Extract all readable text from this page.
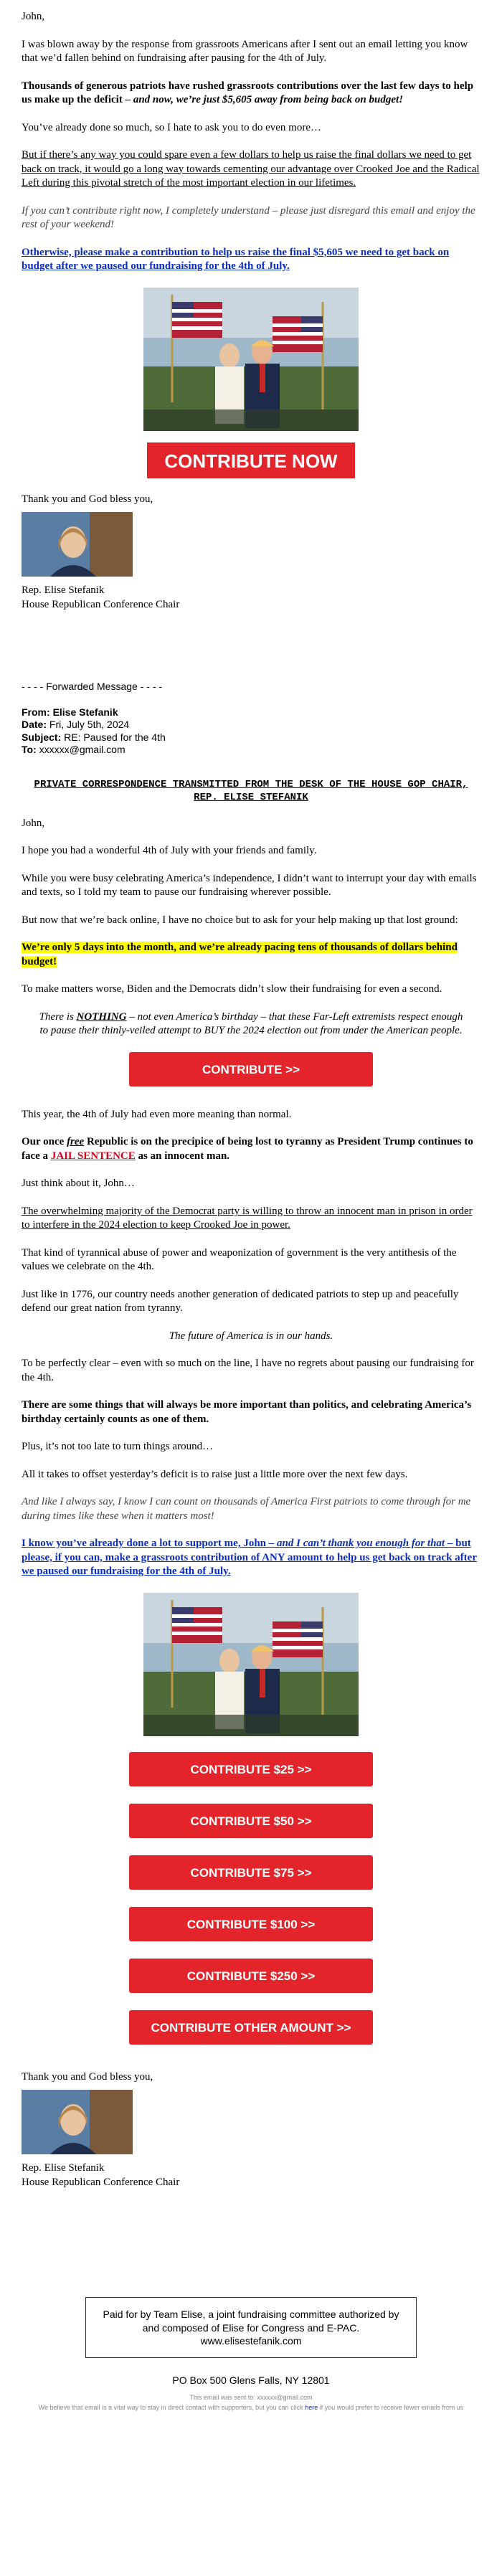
John,

I was blown away by the response from grassroots Americans after I sent out an email letting you know that we’d fallen behind on fundraising after pausing for the 4th of July.

Thousands of generous patriots have rushed grassroots contributions over the last few days to help us make up the deficit – and now, we’re just $5,605 away from being back on budget!

You’ve already done so much, so I hate to ask you to do even more…

But if there’s any way you could spare even a few dollars to help us raise the final dollars we need to get back on track, it would go a long way towards cementing our advantage over Crooked Joe and the Radical Left during this pivotal stretch of the most important election in our lifetimes.

If you can’t contribute right now, I completely understand – please just disregard this email and enjoy the rest of your weekend!

Otherwise, please make a contribution to help us raise the final $5,605 we need to get back on budget after we paused our fundraising for the 4th of July.

CONTRIBUTE NOW

Thank you and God bless you,

Rep. Elise Stefanik
House Republican Conference Chair

- - - - Forwarded Message - - - -

From: Elise Stefanik

Date: Fri, July 5th, 2024

Subject: RE: Paused for the 4th

To: xxxxxx@gmail.com

PRIVATE CORRESPONDENCE TRANSMITTED FROM THE DESK OF THE HOUSE GOP CHAIR, REP. ELISE STEFANIK

John,

I hope you had a wonderful 4th of July with your friends and family.

While you were busy celebrating America’s independence, I didn’t want to interrupt your day with emails and texts, so I told my team to pause our fundraising wherever possible.

But now that we’re back online, I have no choice but to ask for your help making up that lost ground:

We’re only 5 days into the month, and we’re already pacing tens of thousands of dollars behind budget!

To make matters worse, Biden and the Democrats didn’t slow their fundraising for even a second.

There is NOTHING – not even America’s birthday – that these Far-Left extremists respect enough to pause their thinly-veiled attempt to BUY the 2024 election out from under the American people.

CONTRIBUTE >>

This year, the 4th of July had even more meaning than normal.

Our once free Republic is on the precipice of being lost to tyranny as President Trump continues to face a JAIL SENTENCE as an innocent man.

Just think about it, John…

The overwhelming majority of the Democrat party is willing to throw an innocent man in prison in order to interfere in the 2024 election to keep Crooked Joe in power.

That kind of tyrannical abuse of power and weaponization of government is the very antithesis of the values we celebrate on the 4th.

Just like in 1776, our country needs another generation of dedicated patriots to step up and peacefully defend our great nation from tyranny.

The future of America is in our hands.

To be perfectly clear – even with so much on the line, I have no regrets about pausing our fundraising for the 4th.

There are some things that will always be more important than politics, and celebrating America’s birthday certainly counts as one of them.

Plus, it’s not too late to turn things around…

All it takes to offset yesterday’s deficit is to raise just a little more over the next few days.

And like I always say, I know I can count on thousands of America First patriots to come through for me during times like these when it matters most!

I know you’ve already done a lot to support me, John – and I can’t thank you enough for that – but please, if you can, make a grassroots contribution of ANY amount to help us get back on track after we paused our fundraising for the 4th of July.

CONTRIBUTE $25 >>
CONTRIBUTE $50 >>
CONTRIBUTE $75 >>
CONTRIBUTE $100 >>
CONTRIBUTE $250 >>
CONTRIBUTE OTHER AMOUNT >>

Thank you and God bless you,

Rep. Elise Stefanik
House Republican Conference Chair

Paid for by Team Elise, a joint fundraising committee authorized by and composed of Elise for Congress and E-PAC. www.elisestefanik.com

PO Box 500 Glens Falls, NY 12801

This email was sent to: xxxxxx@gmail.com

We believe that email is a vital way to stay in direct contact with supporters, but you can click here if you would prefer to receive fewer emails from us
